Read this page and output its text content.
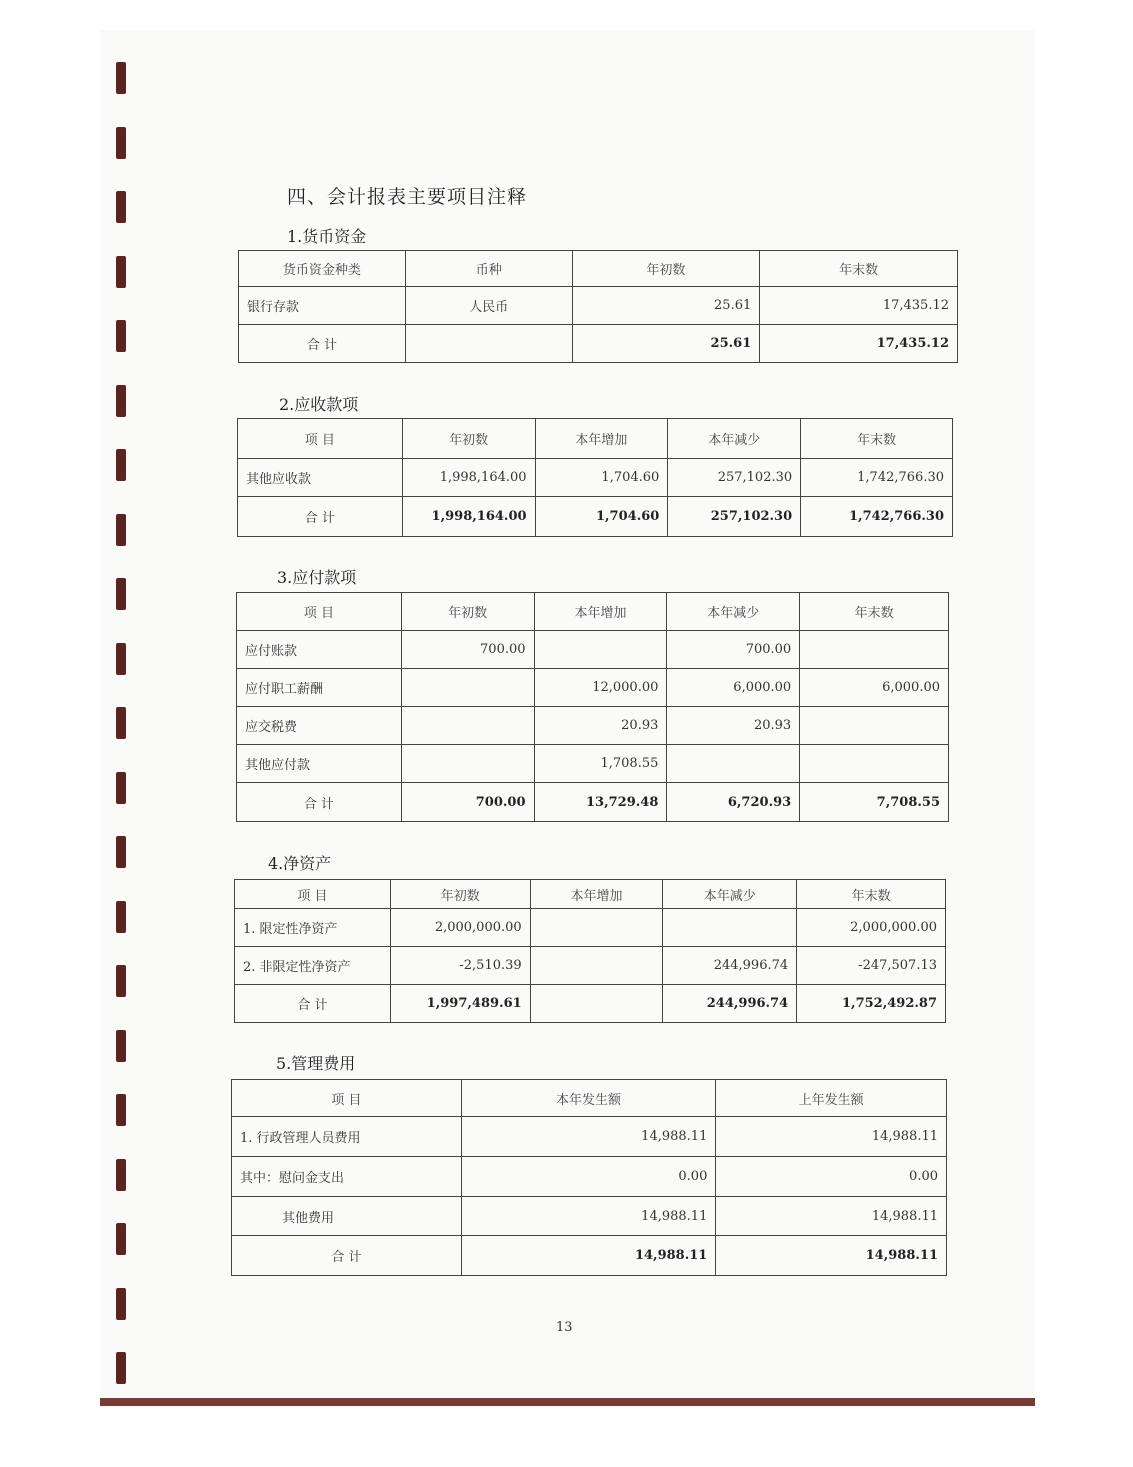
四、会计报表主要项目注释
1.货币资金
货币资金种类	币种	年初数	年末数
银行存款	人民币	25.61	17,435.12
合 计		25.61	17,435.12
2.应收款项
项 目	年初数	本年增加	本年减少	年末数
其他应收款	1,998,164.00	1,704.60	257,102.30	1,742,766.30
合 计	1,998,164.00	1,704.60	257,102.30	1,742,766.30
3.应付款项
项 目	年初数	本年增加	本年减少	年末数
应付账款	700.00		700.00	
应付职工薪酬		12,000.00	6,000.00	6,000.00
应交税费		20.93	20.93	
其他应付款		1,708.55		
合 计	700.00	13,729.48	6,720.93	7,708.55
4.净资产
项 目	年初数	本年增加	本年减少	年末数
1. 限定性净资产	2,000,000.00			2,000,000.00
2. 非限定性净资产	-2,510.39		244,996.74	-247,507.13
合 计	1,997,489.61		244,996.74	1,752,492.87
5.管理费用
项 目	本年发生额	上年发生额
1. 行政管理人员费用	14,988.11	14,988.11
其中：慰问金支出	0.00	0.00
其他费用	14,988.11	14,988.11
合 计	14,988.11	14,988.11
13
